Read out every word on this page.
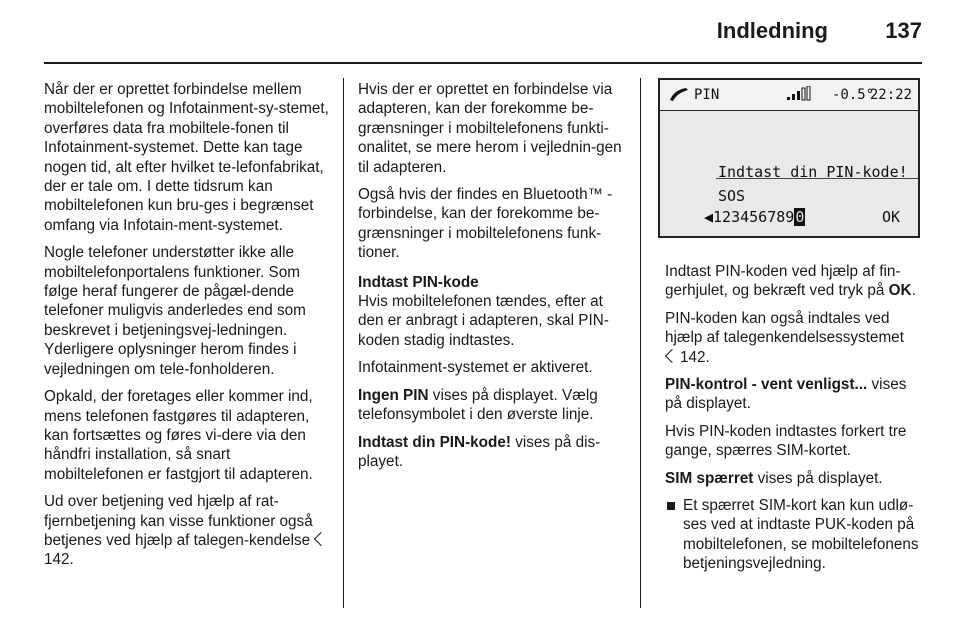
Indledning	137

Når der er oprettet forbindelse mellem mobiltelefonen og Infotainment-sy-stemet, overføres data fra mobiltele-fonen til Infotainment-systemet. Dette kan tage nogen tid, alt efter hvilket te-lefonfabrikat, der er tale om. I dette tidsrum kan mobiltelefonen kun bru-ges i begrænset omfang via Infotain-ment-systemet.

Nogle telefoner understøtter ikke alle mobiltelefonportalens funktioner. Som følge heraf fungerer de pågæl-dende telefoner muligvis anderledes end som beskrevet i betjeningsvej-ledningen. Yderligere oplysninger herom findes i vejledningen om tele-fonholderen.

Opkald, der foretages eller kommer ind, mens telefonen fastgøres til adapteren, kan fortsættes og føres vi-dere via den håndfri installation, så snart mobiltelefonen er fastgjort til adapteren.

Ud over betjening ved hjælp af rat-fjernbetjening kan visse funktioner også betjenes ved hjælp af talegen-kendelse 142.

Hvis der er oprettet en forbindelse via adapteren, kan der forekomme be-grænsninger i mobiltelefonens funkti-onalitet, se mere herom i vejlednin-gen til adapteren.

Også hvis der findes en Bluetooth™ -forbindelse, kan der forekomme be-grænsninger i mobiltelefonens funk-tioner.

Indtast PIN-kode

Hvis mobiltelefonen tændes, efter at den er anbragt i adapteren, skal PIN-koden stadig indtastes.

Infotainment-systemet er aktiveret.

Ingen PIN vises på displayet. Vælg telefonsymbolet i den øverste linje.

Indtast din PIN-kode! vises på dis-playet.

PIN	-0.5°
22:22
Indtast din PIN-kode!
SOS
◀1234567890	OK

Indtast PIN-koden ved hjælp af fin-gerhjulet, og bekræft ved tryk på OK.

PIN-koden kan også indtales ved hjælp af talegenkendelsessystemet
142.

PIN-kontrol - vent venligst... vises på displayet.

Hvis PIN-koden indtastes forkert tre gange, spærres SIM-kortet.

SIM spærret vises på displayet.

Et spærret SIM-kort kan kun udlø-ses ved at indtaste PUK-koden på mobiltelefonen, se mobiltelefonens betjeningsvejledning.
